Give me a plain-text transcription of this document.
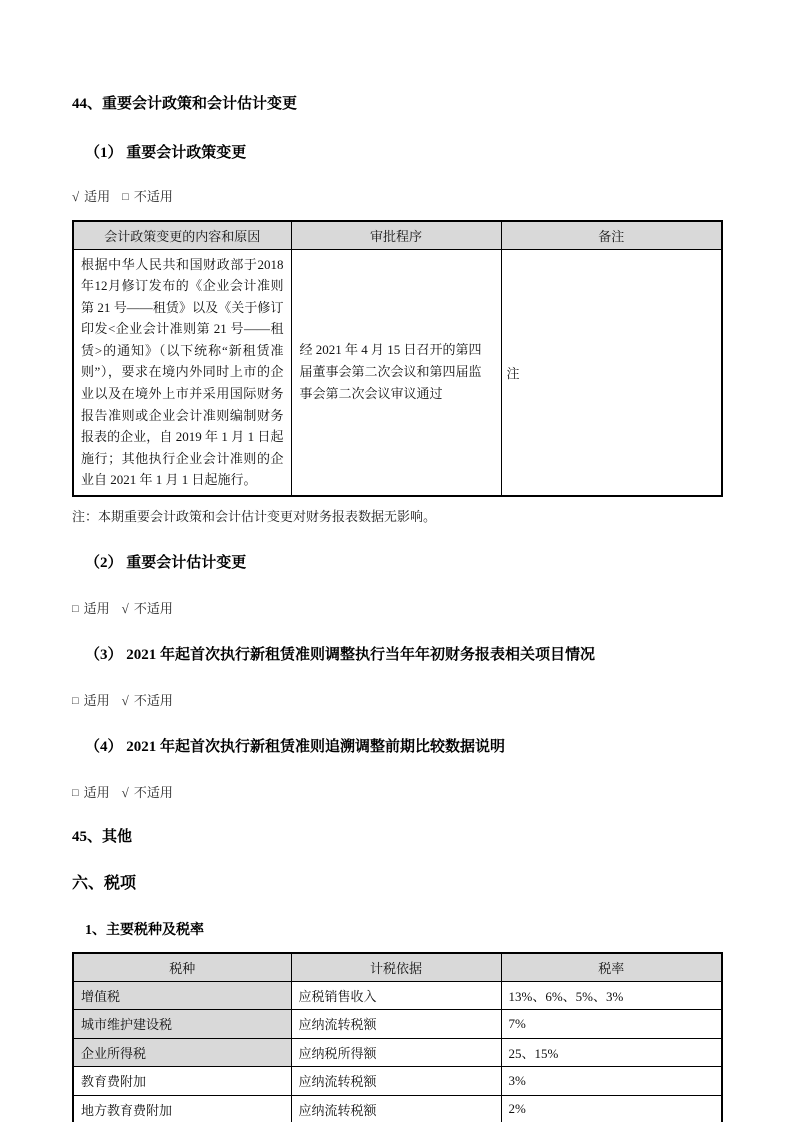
44、重要会计政策和会计估计变更
（1） 重要会计政策变更
√ 适用 □ 不适用
会计政策变更的内容和原因	审批程序	备注
根据中华人民共和国财政部于2018年12月修订发布的《企业会计准则第 21 号——租赁》以及《关于修订印发<企业会计准则第 21 号——租赁>的通知》（以下统称“新租赁准则”），要求在境内外同时上市的企业以及在境外上市并采用国际财务报告准则或企业会计准则编制财务报表的企业，自 2019 年 1 月 1 日起施行；其他执行企业会计准则的企业自 2021 年 1 月 1 日起施行。	经 2021 年 4 月 15 日召开的第四届董事会第二次会议和第四届监事会第二次会议审议通过	注
注：本期重要会计政策和会计估计变更对财务报表数据无影响。
（2） 重要会计估计变更
□ 适用 √ 不适用
（3） 2021 年起首次执行新租赁准则调整执行当年年初财务报表相关项目情况
□ 适用 √ 不适用
（4） 2021 年起首次执行新租赁准则追溯调整前期比较数据说明
□ 适用 √ 不适用
45、其他
六、税项
1、主要税种及税率
税种	计税依据	税率
增值税	应税销售收入	13%、6%、5%、3%
城市维护建设税	应纳流转税额	7%
企业所得税	应纳税所得额	25、15%
教育费附加	应纳流转税额	3%
地方教育费附加	应纳流转税额	2%
